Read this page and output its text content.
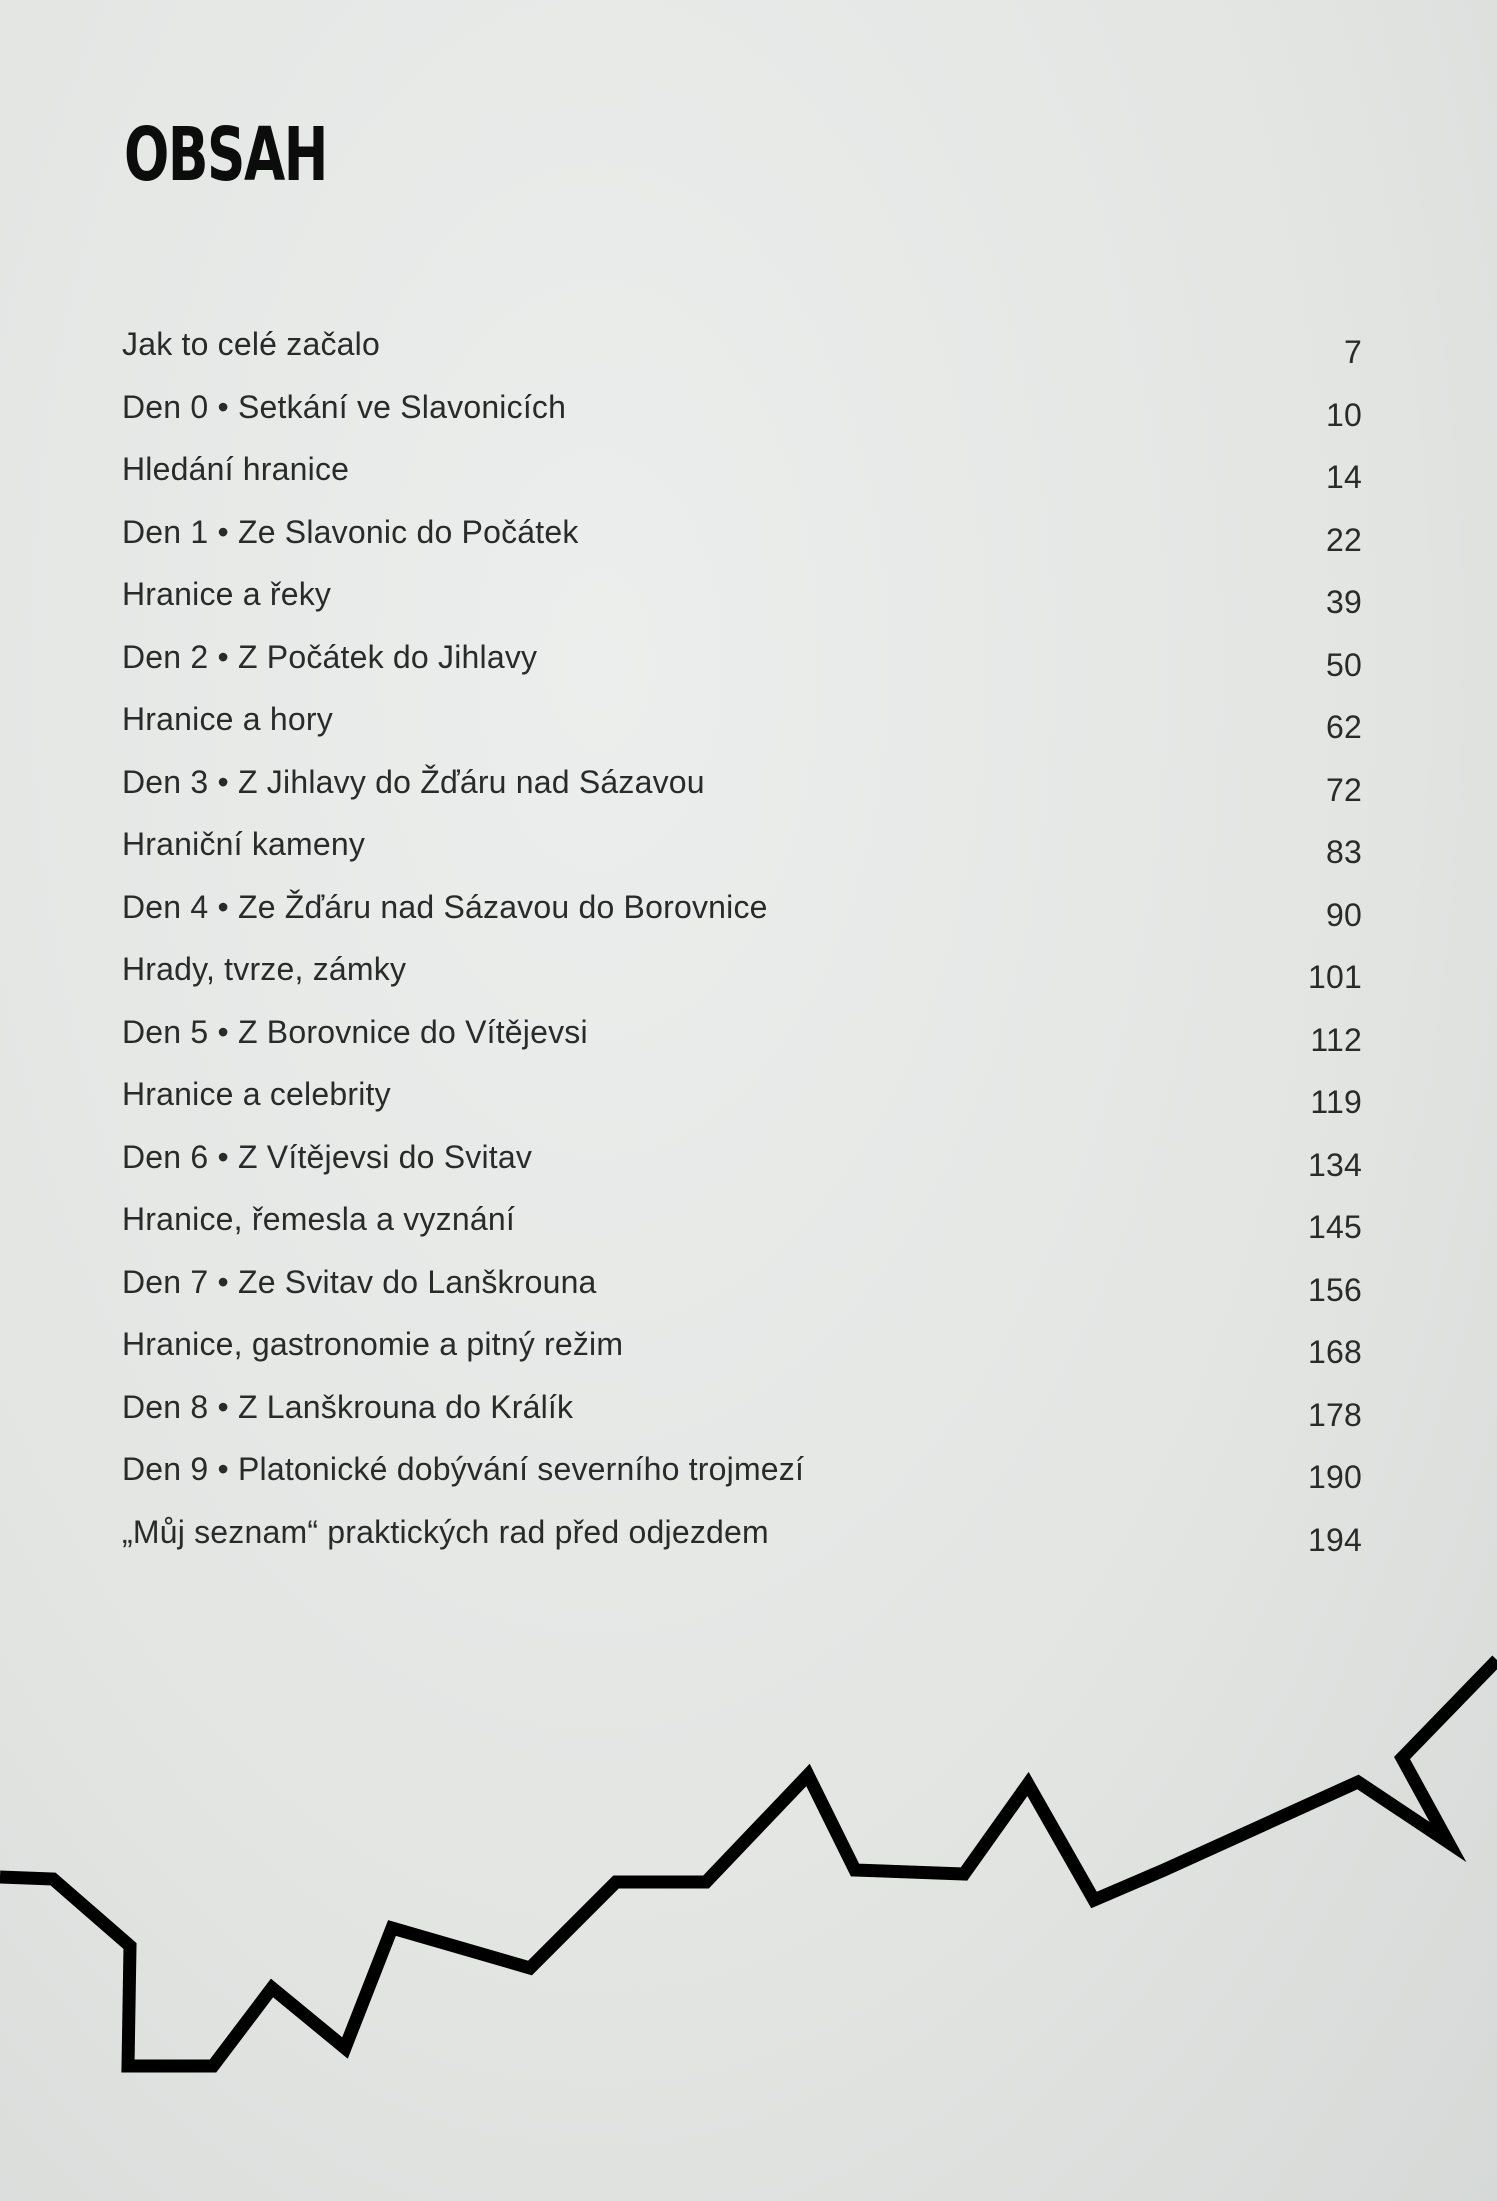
OBSAH
Jak to celé začalo	7
Den 0 • Setkání ve Slavonicích	10
Hledání hranice	14
Den 1 • Ze Slavonic do Počátek	22
Hranice a řeky	39
Den 2 • Z Počátek do Jihlavy	50
Hranice a hory	62
Den 3 • Z Jihlavy do Žďáru nad Sázavou	72
Hraniční kameny	83
Den 4 • Ze Žďáru nad Sázavou do Borovnice	90
Hrady, tvrze, zámky	101
Den 5 • Z Borovnice do Vítějevsi	112
Hranice a celebrity	119
Den 6 • Z Vítějevsi do Svitav	134
Hranice, řemesla a vyznání	145
Den 7 • Ze Svitav do Lanškrouna	156
Hranice, gastronomie a pitný režim	168
Den 8 • Z Lanškrouna do Králík	178
Den 9 • Platonické dobývání severního trojmezí	190
„Můj seznam“ praktických rad před odjezdem	194
